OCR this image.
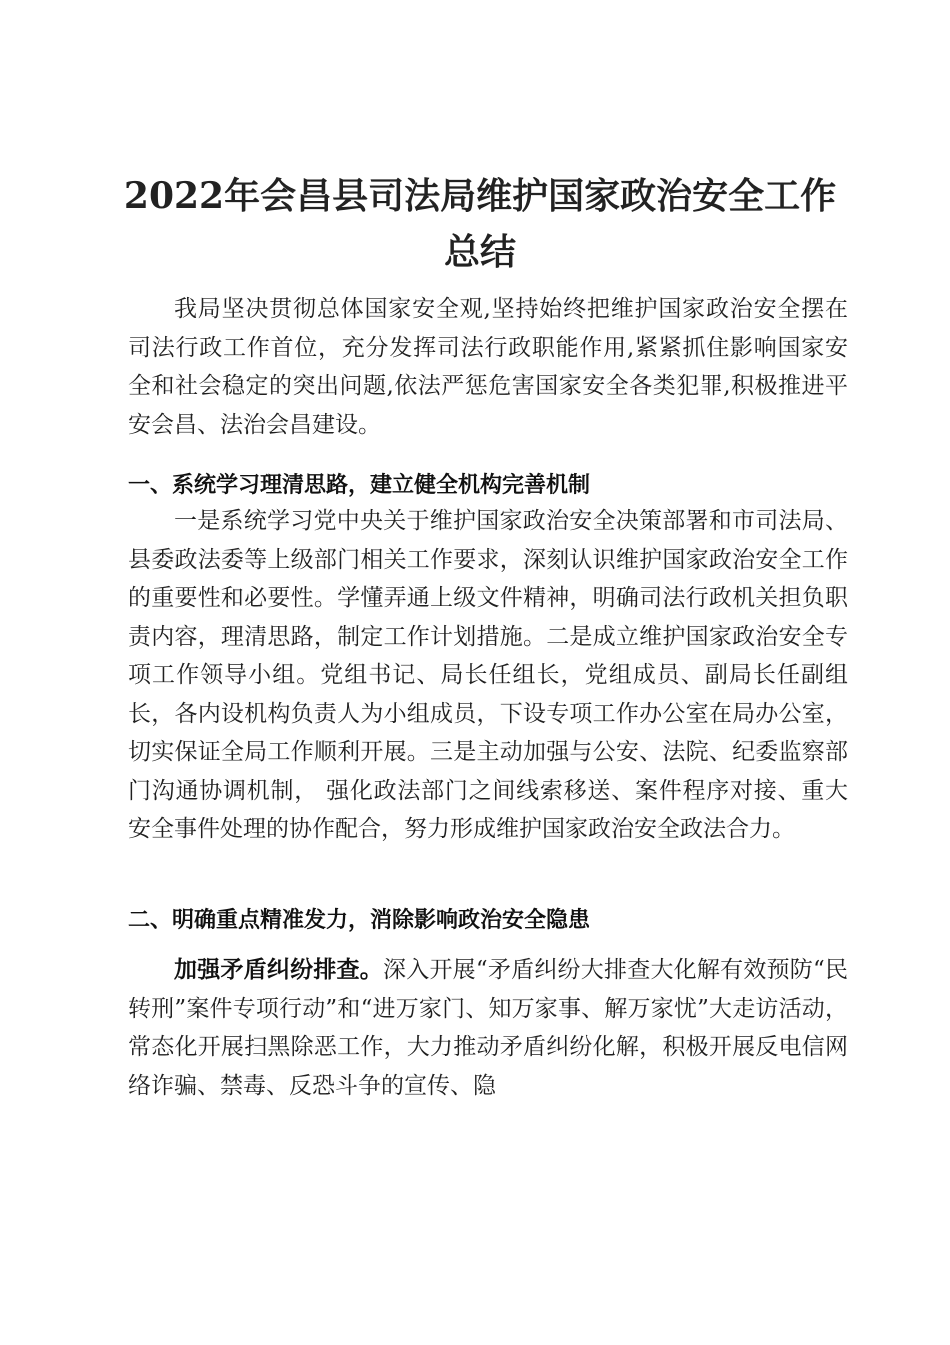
2022年会昌县司法局维护国家政治安全工作总结

我局坚决贯彻总体国家安全观,坚持始终把维护国家政治安全摆在司法行政工作首位，充分发挥司法行政职能作用,紧紧抓住影响国家安全和社会稳定的突出问题,依法严惩危害国家安全各类犯罪,积极推进平安会昌、法治会昌建设。

一、系统学习理清思路，建立健全机构完善机制

一是系统学习党中央关于维护国家政治安全决策部署和市司法局、县委政法委等上级部门相关工作要求，深刻认识维护国家政治安全工作的重要性和必要性。学懂弄通上级文件精神，明确司法行政机关担负职责内容，理清思路，制定工作计划措施。二是成立维护国家政治安全专项工作领导小组。党组书记、局长任组长，党组成员、副局长任副组长，各内设机构负责人为小组成员，下设专项工作办公室在局办公室，切实保证全局工作顺利开展。三是主动加强与公安、法院、纪委监察部门沟通协调机制， 强化政法部门之间线索移送、案件程序对接、重大安全事件处理的协作配合，努力形成维护国家政治安全政法合力。

二、明确重点精准发力，消除影响政治安全隐患

加强矛盾纠纷排查。深入开展“矛盾纠纷大排查大化解有效预防“民转刑”案件专项行动”和“进万家门、知万家事、解万家忧”大走访活动，常态化开展扫黑除恶工作，大力推动矛盾纠纷化解，积极开展反电信网络诈骗、禁毒、反恐斗争的宣传、隐
